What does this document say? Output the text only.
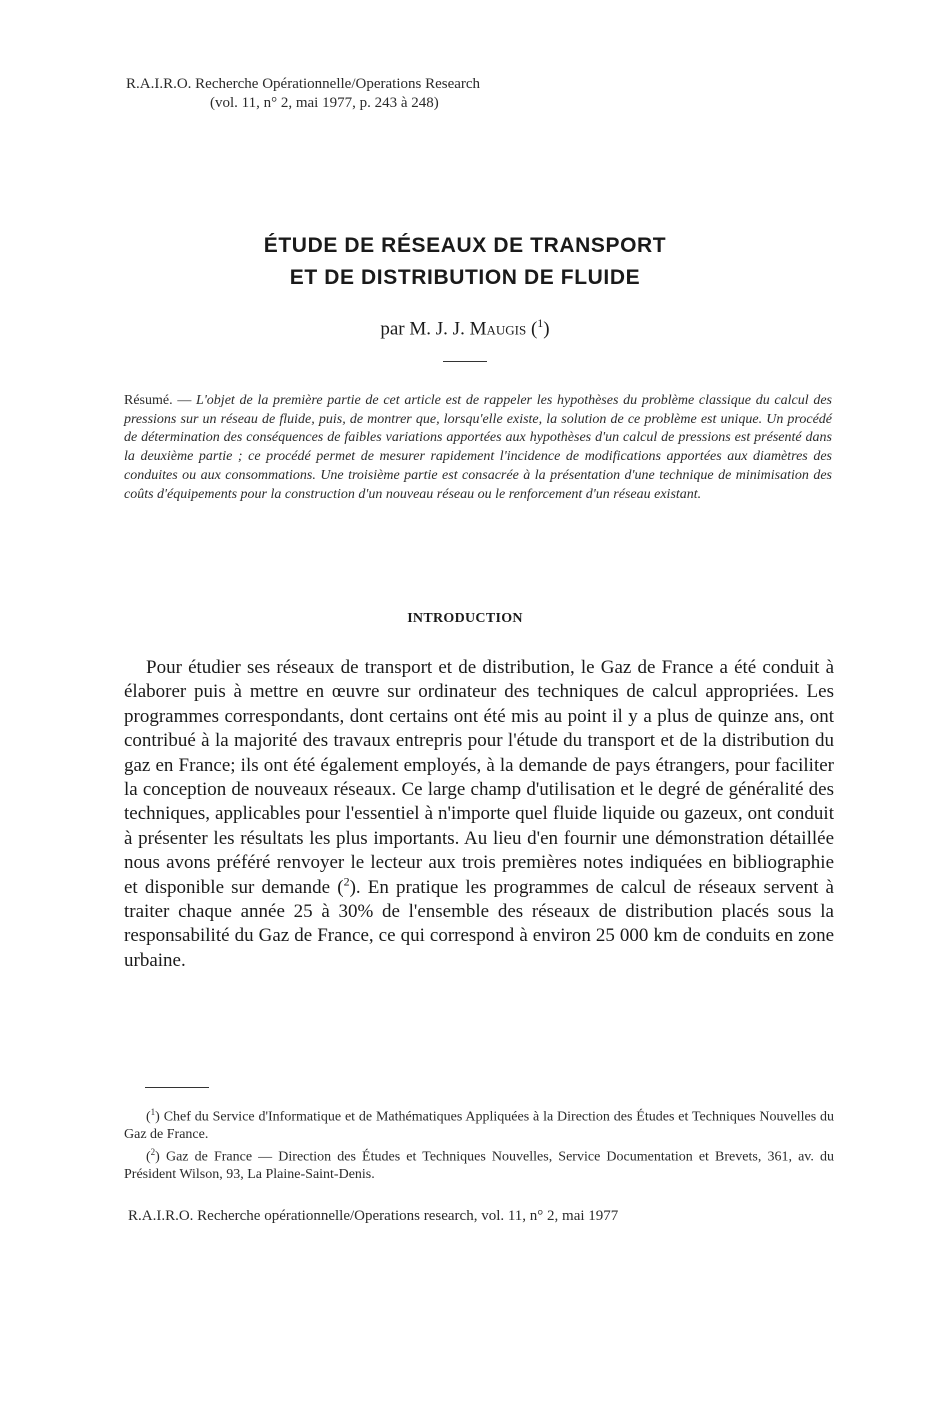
R.A.I.R.O. Recherche Opérationnelle/Operations Research
(vol. 11, n° 2, mai 1977, p. 243 à 248)
ÉTUDE DE RÉSEAUX DE TRANSPORT
ET DE DISTRIBUTION DE FLUIDE
par M. J. J. Maugis ($^1$)
Résumé. — L'objet de la première partie de cet article est de rappeler les hypothèses du problème classique du calcul des pressions sur un réseau de fluide, puis, de montrer que, lorsqu'elle existe, la solution de ce problème est unique. Un procédé de détermination des conséquences de faibles variations apportées aux hypothèses d'un calcul de pressions est présenté dans la deuxième partie ; ce procédé permet de mesurer rapidement l'incidence de modifications apportées aux diamètres des conduites ou aux consommations. Une troisième partie est consacrée à la présentation d'une technique de minimisation des coûts d'équipements pour la construction d'un nouveau réseau ou le renforcement d'un réseau existant.
INTRODUCTION
Pour étudier ses réseaux de transport et de distribution, le Gaz de France a été conduit à élaborer puis à mettre en œuvre sur ordinateur des techniques de calcul appropriées. Les programmes correspondants, dont certains ont été mis au point il y a plus de quinze ans, ont contribué à la majorité des travaux entrepris pour l'étude du transport et de la distribution du gaz en France; ils ont été également employés, à la demande de pays étrangers, pour faciliter la conception de nouveaux réseaux. Ce large champ d'utilisation et le degré de généralité des techniques, applicables pour l'essentiel à n'importe quel fluide liquide ou gazeux, ont conduit à présenter les résultats les plus importants. Au lieu d'en fournir une démonstration détaillée nous avons préféré renvoyer le lecteur aux trois premières notes indiquées en bibliographie et disponible sur demande ($^2$). En pratique les programmes de calcul de réseaux servent à traiter chaque année 25 à 30% de l'ensemble des réseaux de distribution placés sous la responsabilité du Gaz de France, ce qui correspond à environ 25 000 km de conduits en zone urbaine.

($^1$) Chef du Service d'Informatique et de Mathématiques Appliquées à la Direction des Études et Techniques Nouvelles du Gaz de France.

($^2$) Gaz de France — Direction des Études et Techniques Nouvelles, Service Documentation et Brevets, 361, av. du Président Wilson, 93, La Plaine-Saint-Denis.

R.A.I.R.O. Recherche opérationnelle/Operations research, vol. 11, n° 2, mai 1977
